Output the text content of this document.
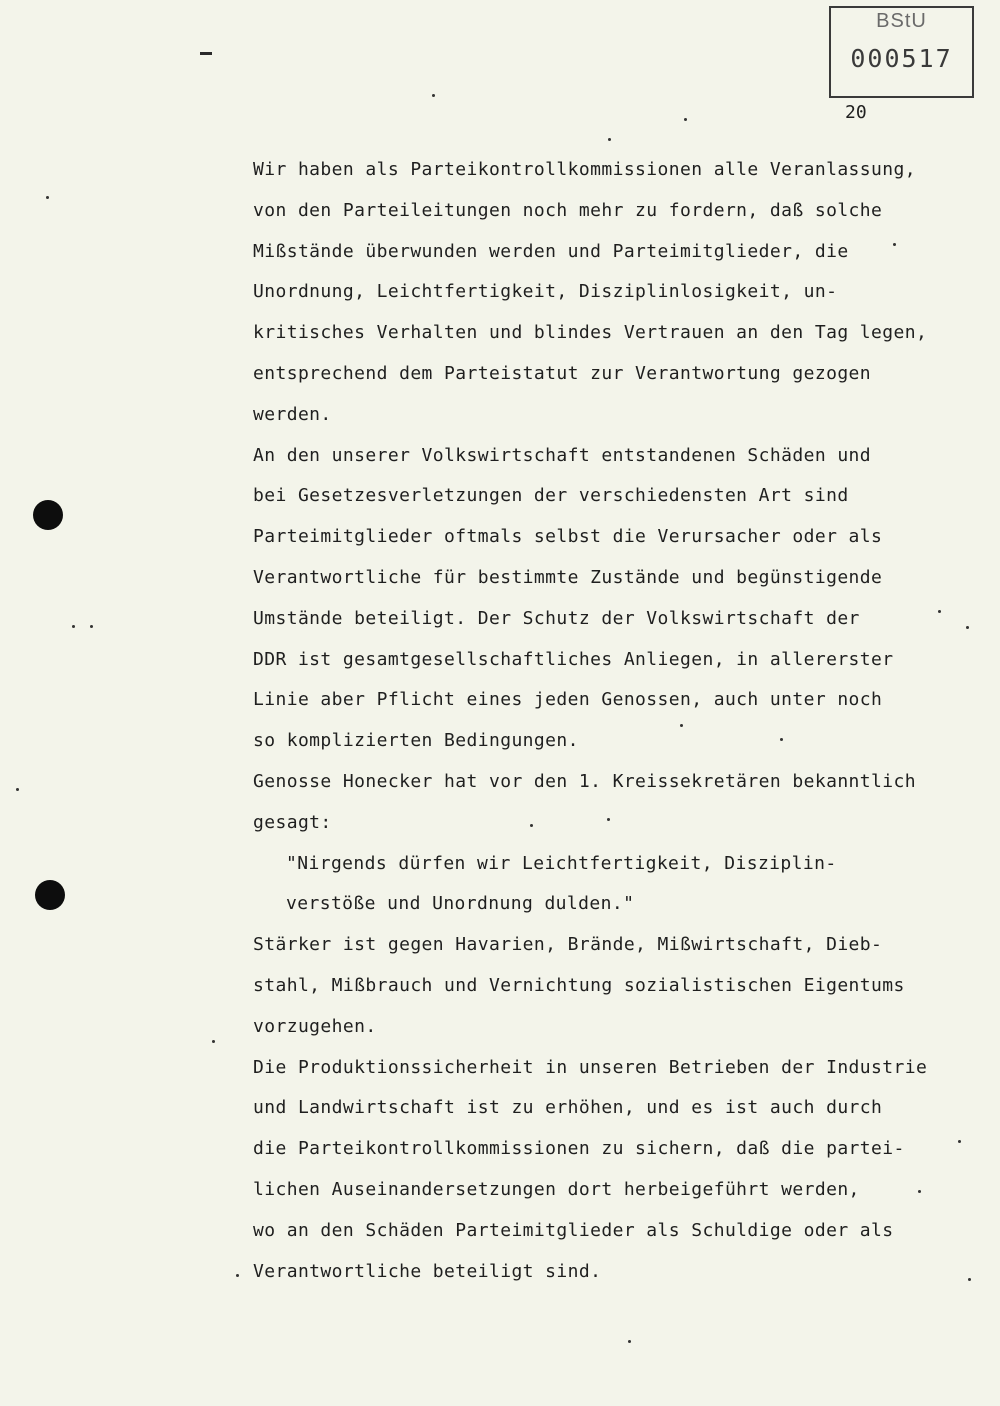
BStU
000517
20
Wir haben als Parteikontrollkommissionen alle Veranlassung,
von den Parteileitungen noch mehr zu fordern, daß solche
Mißstände überwunden werden und Parteimitglieder, die
Unordnung, Leichtfertigkeit, Disziplinlosigkeit, un-
kritisches Verhalten und blindes Vertrauen an den Tag legen,
entsprechend dem Parteistatut zur Verantwortung gezogen
werden.
An den unserer Volkswirtschaft entstandenen Schäden und
bei Gesetzesverletzungen der verschiedensten Art sind
Parteimitglieder oftmals selbst die Verursacher oder als
Verantwortliche für bestimmte Zustände und begünstigende
Umstände beteiligt. Der Schutz der Volkswirtschaft der
DDR ist gesamtgesellschaftliches Anliegen, in allererster
Linie aber Pflicht eines jeden Genossen, auch unter noch
so komplizierten Bedingungen.
Genosse Honecker hat vor den 1. Kreissekretären bekanntlich
gesagt:
"Nirgends dürfen wir Leichtfertigkeit, Disziplin-
verstöße und Unordnung dulden."
Stärker ist gegen Havarien, Brände, Mißwirtschaft, Dieb-
stahl, Mißbrauch und Vernichtung sozialistischen Eigentums
vorzugehen.
Die Produktionssicherheit in unseren Betrieben der Industrie
und Landwirtschaft ist zu erhöhen, und es ist auch durch
die Parteikontrollkommissionen zu sichern, daß die partei-
lichen Auseinandersetzungen dort herbeigeführt werden,
wo an den Schäden Parteimitglieder als Schuldige oder als
Verantwortliche beteiligt sind.
